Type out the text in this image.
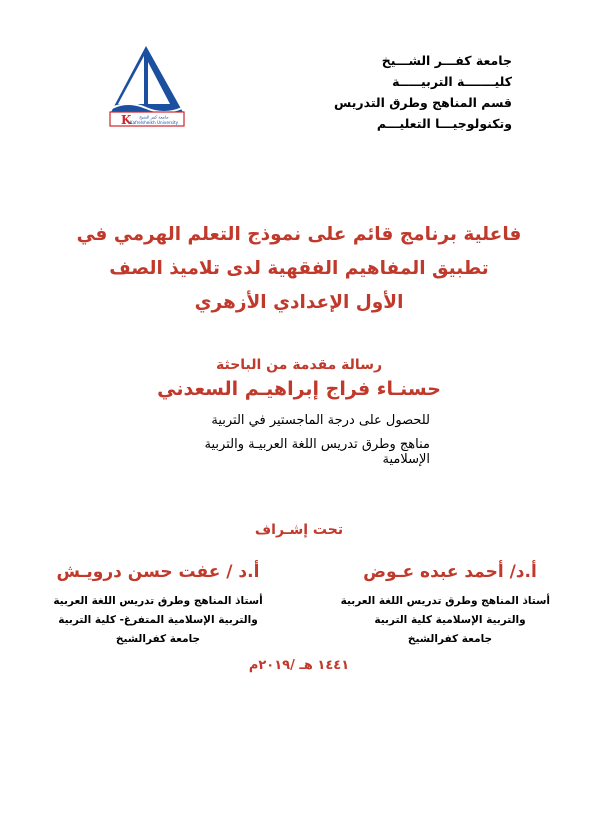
جامعة كفـــر الشـــيخ
كليـــــــة التربيـــــة
قسم المناهج وطرق التدريس
وتكنولوجيـــا التعليـــم
K جامعة كفر الشيخ
Kafrelsheikh University
فاعلية برنامج قائم على نموذج التعلم الهرمي في
تطبيق المفاهيم الفقهية لدى تلاميذ الصف
الأول الإعدادي الأزهري
رسالة مقدمة من الباحثة
حسنـاء فراج إبراهيـم السعدني
للحصول على درجة الماجستير في التربية
مناهج وطرق تدريس اللغة العربيـة والتربية الإسلامية
تحت إشـراف
أ.د/ أحمد عبده عـوض
أستاذ المناهج وطرق تدريس اللغة العربية
والتربية الإسلامية كلية التربية
جامعة كفرالشيخ
أ.د / عفت حسن درويـش
أستاذ المناهج وطرق تدريس اللغة العربية
والتربية الإسلامية المتفرغ- كلية التربية
جامعة كفرالشيخ
١٤٤١ هـ /٢٠١٩م
